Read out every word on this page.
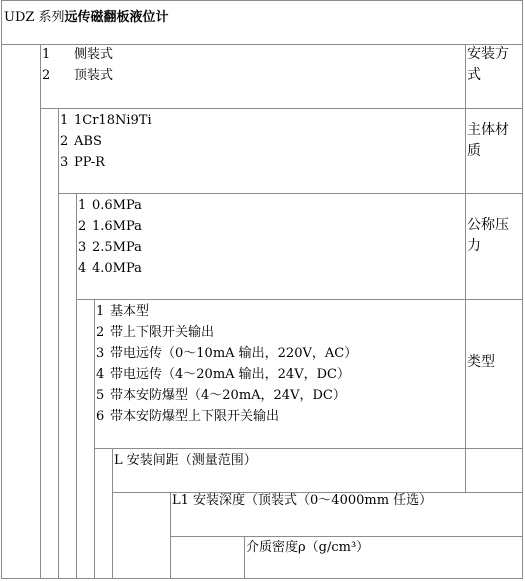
UDZ 系列远传磁翻板液位计
1	侧装式
2	顶装式
安装方式
1 1Cr18Ni9Ti
2 ABS
3 PP-R
主体材质
1 0.6MPa
2 1.6MPa
3 2.5MPa
4 4.0MPa
公称压力
1 基本型
2 带上下限开关输出
3 带电远传（0～10mA 输出，220V，AC）
4 带电远传（4～20mA 输出，24V，DC）
5 带本安防爆型（4～20mA，24V，DC）
6 带本安防爆型上下限开关输出
类型
L 安装间距（测量范围）
L1 安装深度（顶装式（0～4000mm 任选）
介质密度ρ（g/cm³）
